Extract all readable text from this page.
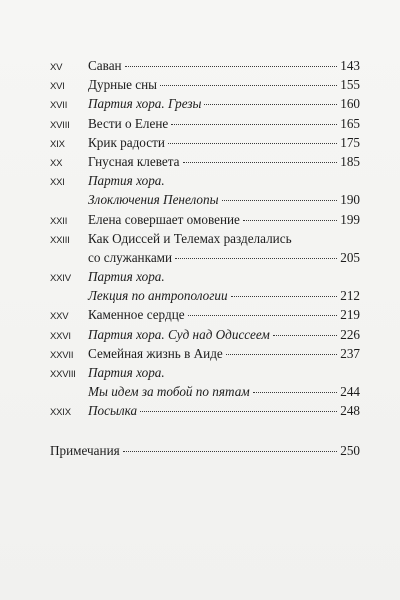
XV	Саван	143
XVI	Дурные сны	155
XVII	Партия хора. Грезы	160
XVIII	Вести о Елене	165
XIX	Крик радости	175
XX	Гнусная клевета	185
XXI	Партия хора.
Злоключения Пенелопы	190
XXII	Елена совершает омовение	199
XXIII	Как Одиссей и Телемах разделались
со служанками	205
XXIV	Партия хора.
Лекция по антропологии	212
XXV	Каменное сердце	219
XXVI	Партия хора. Суд над Одиссеем	226
XXVII	Семейная жизнь в Аиде	237
XXVIII Партия хора.
Мы идем за тобой по пятам	244
XXIX	Посылка	248
Примечания	250
